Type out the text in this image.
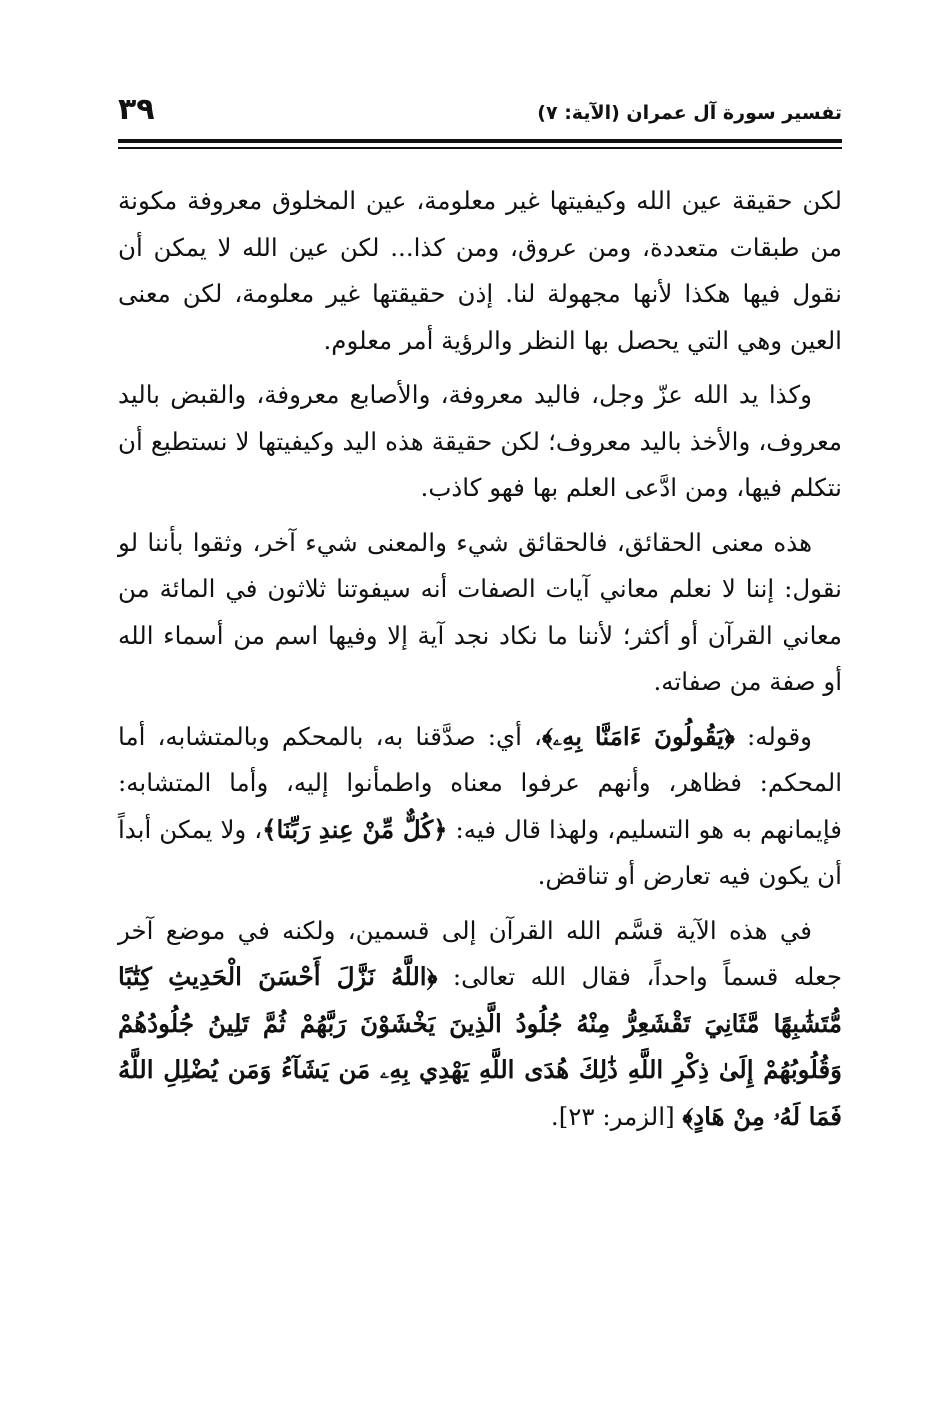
٣٩	تفسير سورة آل عمران (الآية: ٧)

لكن حقيقة عين الله وكيفيتها غير معلومة، عين المخلوق معروفة مكونة من طبقات متعددة، ومن عروق، ومن كذا... لكن عين الله لا يمكن أن نقول فيها هكذا لأنها مجهولة لنا. إذن حقيقتها غير معلومة، لكن معنى العين وهي التي يحصل بها النظر والرؤية أمر معلوم.

وكذا يد الله عزّ وجل، فاليد معروفة، والأصابع معروفة، والقبض باليد معروف، والأخذ باليد معروف؛ لكن حقيقة هذه اليد وكيفيتها لا نستطيع أن نتكلم فيها، ومن ادَّعى العلم بها فهو كاذب.

هذه معنى الحقائق، فالحقائق شيء والمعنى شيء آخر، وثقوا بأننا لو نقول: إننا لا نعلم معاني آيات الصفات أنه سيفوتنا ثلاثون في المائة من معاني القرآن أو أكثر؛ لأننا ما نكاد نجد آية إلا وفيها اسم من أسماء الله أو صفة من صفاته.

وقوله: ﴿يَقُولُونَ ءَامَنَّا بِهِۦ﴾، أي: صدَّقنا به، بالمحكم وبالمتشابه، أما المحكم: فظاهر، وأنهم عرفوا معناه واطمأنوا إليه، وأما المتشابه: فإيمانهم به هو التسليم، ولهذا قال فيه: ﴿كُلٌّ مِّنْ عِندِ رَبِّنَا﴾، ولا يمكن أبداً أن يكون فيه تعارض أو تناقض.

في هذه الآية قسَّم الله القرآن إلى قسمين، ولكنه في موضع آخر جعله قسماً واحداً، فقال الله تعالى: ﴿اللَّهُ نَزَّلَ أَحْسَنَ الْحَدِيثِ كِتَٰبًا مُّتَشَٰبِهًا مَّثَانِيَ تَقْشَعِرُّ مِنْهُ جُلُودُ الَّذِينَ يَخْشَوْنَ رَبَّهُمْ ثُمَّ تَلِينُ جُلُودُهُمْ وَقُلُوبُهُمْ إِلَىٰ ذِكْرِ اللَّهِ ذَٰلِكَ هُدَى اللَّهِ يَهْدِي بِهِۦ مَن يَشَآءُ وَمَن يُضْلِلِ اللَّهُ فَمَا لَهُۥ مِنْ هَادٍ﴾ [الزمر: ٢٣].
